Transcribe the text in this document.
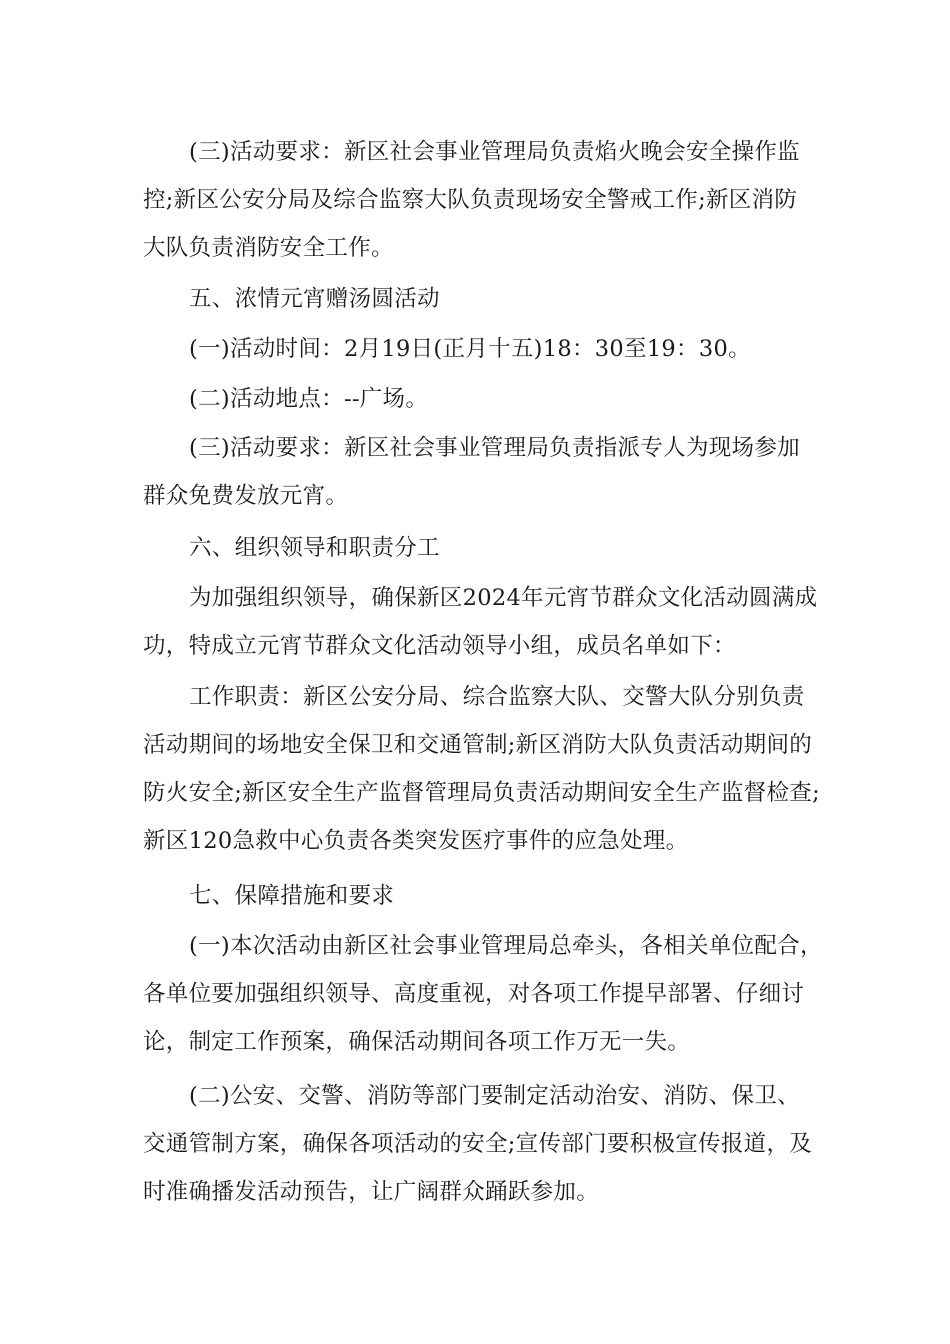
(三)活动要求：新区社会事业管理局负责焰火晚会安全操作监
控;新区公安分局及综合监察大队负责现场安全警戒工作;新区消防
大队负责消防安全工作。

五、浓情元宵赠汤圆活动

(一)活动时间：2月19日(正月十五)18：30至19：30。

(二)活动地点：--广场。

(三)活动要求：新区社会事业管理局负责指派专人为现场参加
群众免费发放元宵。

六、组织领导和职责分工

为加强组织领导，确保新区2024年元宵节群众文化活动圆满成
功，特成立元宵节群众文化活动领导小组，成员名单如下：

工作职责：新区公安分局、综合监察大队、交警大队分别负责
活动期间的场地安全保卫和交通管制;新区消防大队负责活动期间的
防火安全;新区安全生产监督管理局负责活动期间安全生产监督检查;
新区120急救中心负责各类突发医疗事件的应急处理。

七、保障措施和要求

(一)本次活动由新区社会事业管理局总牵头，各相关单位配合，
各单位要加强组织领导、高度重视，对各项工作提早部署、仔细讨
论，制定工作预案，确保活动期间各项工作万无一失。

(二)公安、交警、消防等部门要制定活动治安、消防、保卫、
交通管制方案，确保各项活动的安全;宣传部门要积极宣传报道，及
时准确播发活动预告，让广阔群众踊跃参加。
